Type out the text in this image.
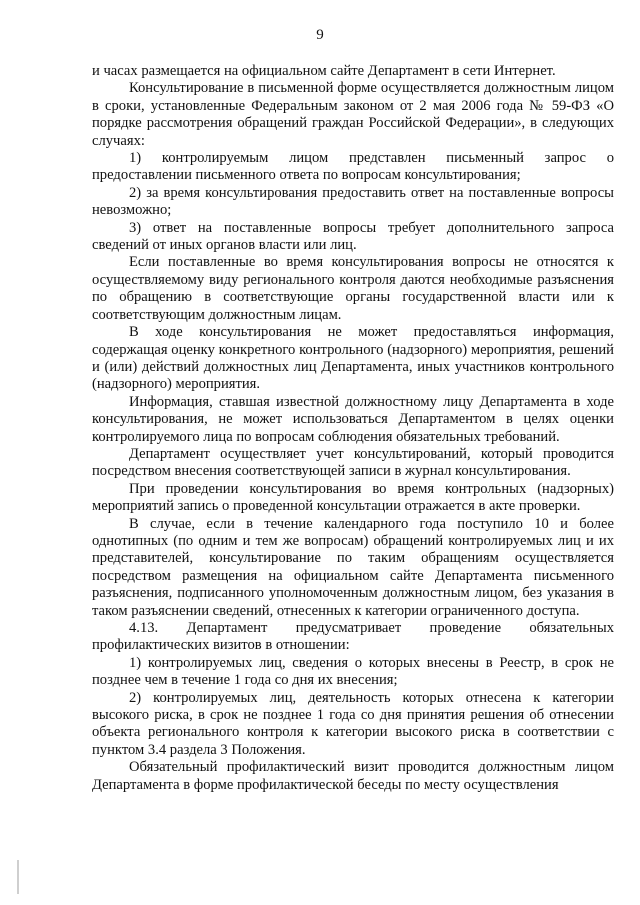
9

и часах размещается на официальном сайте Департамент в сети Интернет.

Консультирование в письменной форме осуществляется должностным лицом в сроки, установленные Федеральным законом от 2 мая 2006 года № 59-ФЗ «О порядке рассмотрения обращений граждан Российской Федерации», в следующих случаях:

1) контролируемым лицом представлен письменный запрос о предоставлении письменного ответа по вопросам консультирования;

2) за время консультирования предоставить ответ на поставленные вопросы невозможно;

3) ответ на поставленные вопросы требует дополнительного запроса сведений от иных органов власти или лиц.

Если поставленные во время консультирования вопросы не относятся к осуществляемому виду регионального контроля даются необходимые разъяснения по обращению в соответствующие органы государственной власти или к соответствующим должностным лицам.

В ходе консультирования не может предоставляться информация, содержащая оценку конкретного контрольного (надзорного) мероприятия, решений и (или) действий должностных лиц Департамента, иных участников контрольного (надзорного) мероприятия.

Информация, ставшая известной должностному лицу Департамента в ходе консультирования, не может использоваться Департаментом в целях оценки контролируемого лица по вопросам соблюдения обязательных требований.

Департамент осуществляет учет консультирований, который проводится посредством внесения соответствующей записи в журнал консультирования.

При проведении консультирования во время контрольных (надзорных) мероприятий запись о проведенной консультации отражается в акте проверки.

В случае, если в течение календарного года поступило 10 и более однотипных (по одним и тем же вопросам) обращений контролируемых лиц и их представителей, консультирование по таким обращениям осуществляется посредством размещения на официальном сайте Департамента письменного разъяснения, подписанного уполномоченным должностным лицом, без указания в таком разъяснении сведений, отнесенных к категории ограниченного доступа.

4.13. Департамент предусматривает проведение обязательных профилактических визитов в отношении:

1) контролируемых лиц, сведения о которых внесены в Реестр, в срок не позднее чем в течение 1 года со дня их внесения;

2) контролируемых лиц, деятельность которых отнесена к категории высокого риска, в срок не позднее 1 года со дня принятия решения об отнесении объекта регионального контроля к категории высокого риска в соответствии с пунктом 3.4 раздела 3 Положения.

Обязательный профилактический визит проводится должностным лицом Департамента в форме профилактической беседы по месту осуществления
